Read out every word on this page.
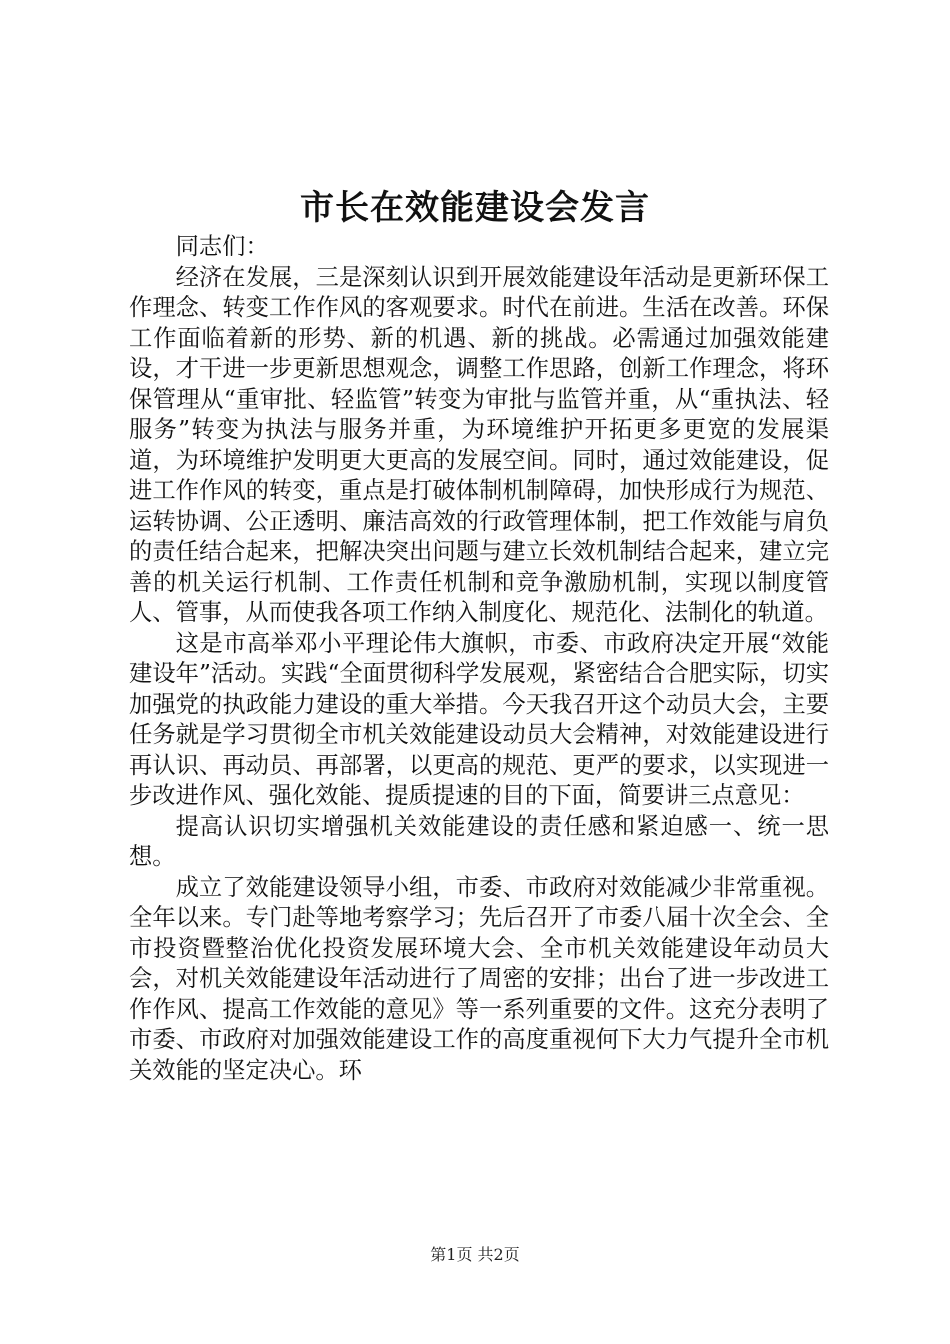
市长在效能建设会发言

同志们：

经济在发展，三是深刻认识到开展效能建设年活动是更新环保工作理念、转变工作作风的客观要求。时代在前进。生活在改善。环保工作面临着新的形势、新的机遇、新的挑战。必需通过加强效能建设，才干进一步更新思想观念，调整工作思路，创新工作理念，将环保管理从“重审批、轻监管”转变为审批与监管并重，从“重执法、轻服务”转变为执法与服务并重，为环境维护开拓更多更宽的发展渠道，为环境维护发明更大更高的发展空间。同时，通过效能建设，促进工作作风的转变，重点是打破体制机制障碍，加快形成行为规范、运转协调、公正透明、廉洁高效的行政管理体制，把工作效能与肩负的责任结合起来，把解决突出问题与建立长效机制结合起来，建立完善的机关运行机制、工作责任机制和竞争激励机制，实现以制度管人、管事，从而使我各项工作纳入制度化、规范化、法制化的轨道。

这是市高举邓小平理论伟大旗帜，市委、市政府决定开展“效能建设年”活动。实践“全面贯彻科学发展观，紧密结合合肥实际，切实加强党的执政能力建设的重大举措。今天我召开这个动员大会，主要任务就是学习贯彻全市机关效能建设动员大会精神，对效能建设进行再认识、再动员、再部署，以更高的规范、更严的要求，以实现进一步改进作风、强化效能、提质提速的目的下面，简要讲三点意见：

提高认识切实增强机关效能建设的责任感和紧迫感一、统一思想。

成立了效能建设领导小组，市委、市政府对效能减少非常重视。全年以来。专门赴等地考察学习；先后召开了市委八届十次全会、全市投资暨整治优化投资发展环境大会、全市机关效能建设年动员大会，对机关效能建设年活动进行了周密的安排；出台了进一步改进工作作风、提高工作效能的意见》等一系列重要的文件。这充分表明了市委、市政府对加强效能建设工作的高度重视何下大力气提升全市机关效能的坚定决心。环

第1页 共2页
